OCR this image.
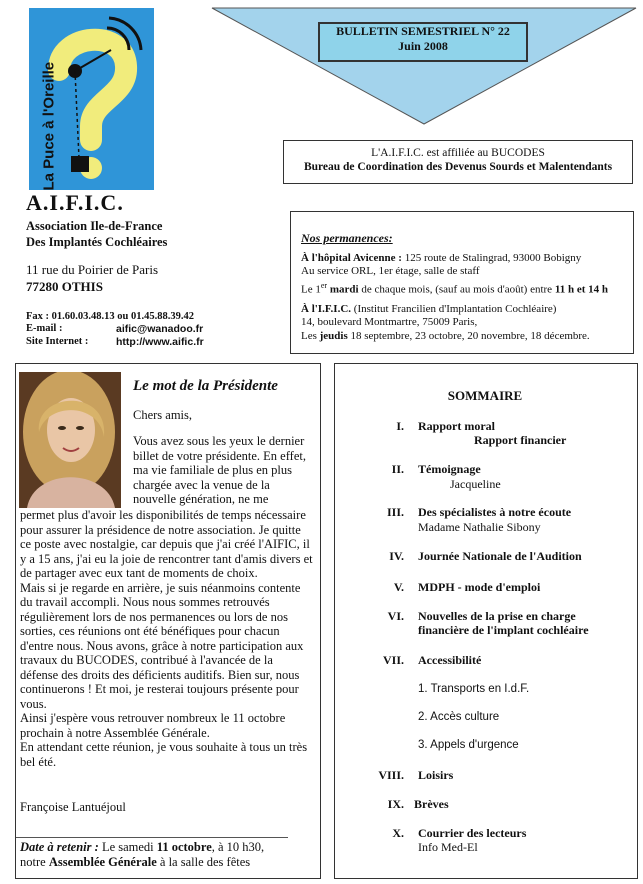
La Puce à l'Oreille
BULLETIN SEMESTRIEL N° 22
Juin 2008
L'A.I.F.I.C. est affiliée au BUCODES
Bureau de Coordination des Devenus Sourds et Malentendants
A.I.F.I.C.
Association Ile-de-France
Des Implantés Cochléaires
11 rue du Poirier de Paris
77280 OTHIS
Fax : 01.60.03.48.13 ou 01.45.88.39.42
E-mail :	aific@wanadoo.fr
Site Internet :	http://www.aific.fr
Nos permanences:
À l'hôpital Avicenne : 125 route de Stalingrad, 93000 Bobigny
Au service ORL, 1er étage, salle de staff
Le 1er mardi de chaque mois, (sauf au mois d'août) entre 11 h et 14 h
À l'I.F.I.C. (Institut Francilien d'Implantation Cochléaire)
14, boulevard Montmartre, 75009 Paris,
Les jeudis 18 septembre, 23 octobre, 20 novembre, 18 décembre.
Le mot de la Présidente
Chers amis,
Vous avez sous les yeux le dernier billet de votre présidente. En effet, ma vie familiale de plus en plus chargée avec la venue de la nouvelle génération, ne me

permet plus d'avoir les disponibilités de temps nécessaire pour assurer la présidence de notre association. Je quitte ce poste avec nostalgie, car depuis que j'ai créé l'AIFIC, il y a 15 ans, j'ai eu la joie de rencontrer tant d'amis divers et de partager avec eux tant de moments de choix.

Mais si je regarde en arrière, je suis néanmoins contente du travail accompli. Nous nous sommes retrouvés régulièrement lors de nos permanences ou lors de nos sorties, ces réunions ont été bénéfiques pour chacun d'entre nous. Nous avons, grâce à notre participation aux travaux du BUCODES, contribué à l'avancée de la défense des droits des déficients auditifs. Bien sur, nous continuerons ! Et moi, je resterai toujours présente pour vous.

Ainsi j'espère vous retrouver nombreux le 11 octobre prochain à notre Assemblée Générale.

En attendant cette réunion, je vous souhaite à tous un très bel été.

Françoise Lantuéjoul
Date à retenir : Le samedi 11 octobre, à 10 h30,
notre Assemblée Générale à la salle des fêtes
SOMMAIRE
I. Rapport moral
Rapport financier
II. Témoignage
Jacqueline
III. Des spécialistes à notre écoute
Madame Nathalie Sibony
IV. Journée Nationale de l'Audition
V. MDPH - mode d'emploi
VI. Nouvelles de la prise en charge
financière de l'implant cochléaire
VII. Accessibilité
1. Transports en I.d.F.
2. Accès culture
3. Appels d'urgence
VIII. Loisirs
IX. Brèves
X. Courrier des lecteurs
Info Med-El
